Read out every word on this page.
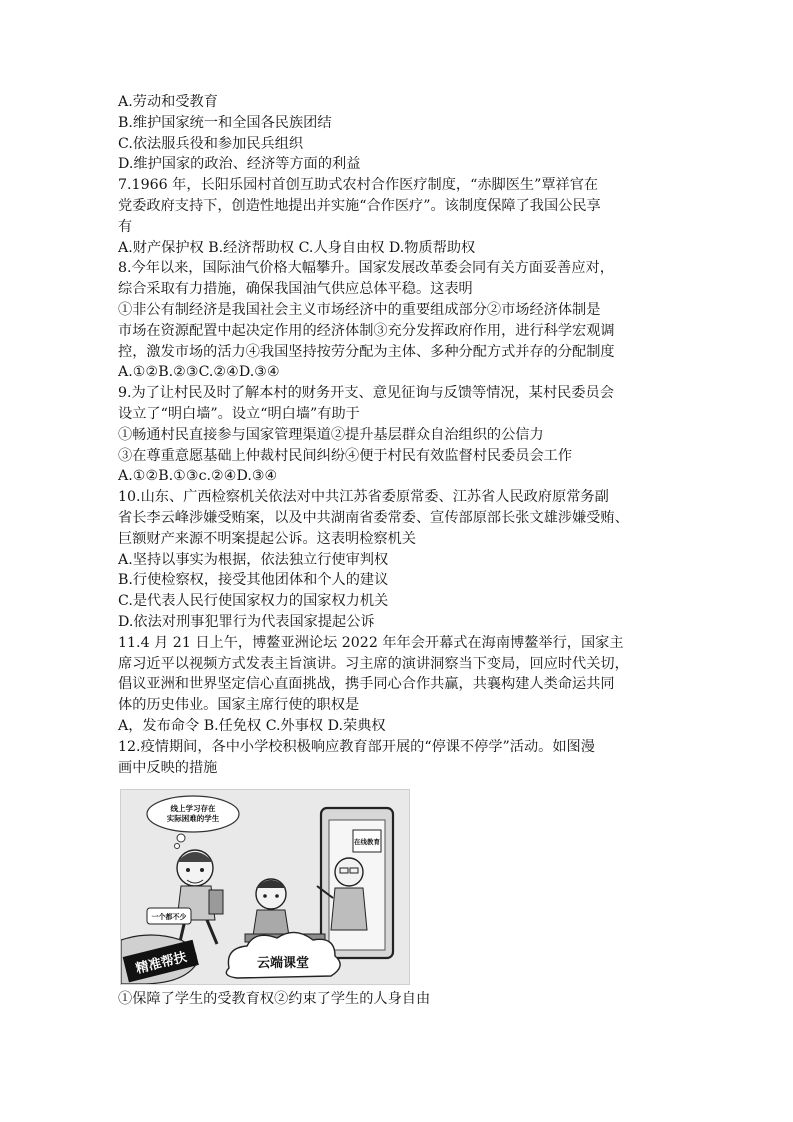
A.劳动和受教育
B.维护国家统一和全国各民族团结
C.依法服兵役和参加民兵组织
D.维护国家的政治、经济等方面的利益
7.1966 年，长阳乐园村首创互助式农村合作医疗制度，“赤脚医生”覃祥官在
党委政府支持下，创造性地提出并实施“合作医疗”。该制度保障了我国公民享
有
A.财产保护权 B.经济帮助权 C.人身自由权 D.物质帮助权
8.今年以来，国际油气价格大幅攀升。国家发展改革委会同有关方面妥善应对，
综合采取有力措施，确保我国油气供应总体平稳。这表明
①非公有制经济是我国社会主义市场经济中的重要组成部分②市场经济体制是
市场在资源配置中起决定作用的经济体制③充分发挥政府作用，进行科学宏观调
控，激发市场的活力④我国坚持按劳分配为主体、多种分配方式并存的分配制度
A.①②B.②③C.②④D.③④
9.为了让村民及时了解本村的财务开支、意见征询与反馈等情况，某村民委员会
设立了“明白墙”。设立“明白墙”有助于
①畅通村民直接参与国家管理渠道②提升基层群众自治组织的公信力
③在尊重意愿基础上仲裁村民间纠纷④便于村民有效监督村民委员会工作
A.①②B.①③c.②④D.③④
10.山东、广西检察机关依法对中共江苏省委原常委、江苏省人民政府原常务副
省长李云峰涉嫌受贿案，以及中共湖南省委常委、宣传部原部长张文雄涉嫌受贿、
巨额财产来源不明案提起公诉。这表明检察机关
A.坚持以事实为根据，依法独立行使审判权
B.行使检察权，接受其他团体和个人的建议
C.是代表人民行使国家权力的国家权力机关
D.依法对刑事犯罪行为代表国家提起公诉
11.4 月 21 日上午，博鳌亚洲论坛 2022 年年会开幕式在海南博鳌举行，国家主
席习近平以视频方式发表主旨演讲。习主席的演讲洞察当下变局，回应时代关切，
倡议亚洲和世界坚定信心直面挑战，携手同心合作共赢，共襄构建人类命运共同
体的历史伟业。国家主席行使的职权是
A，发布命令 B.任免权 C.外事权 D.荣典权
12.疫情期间，各中小学校积极响应教育部开展的“停课不停学”活动。如图漫
画中反映的措施
线上学习存在
实际困难的学生
在线教育
一个都不少
云端课堂
精准帮扶
①保障了学生的受教育权②约束了学生的人身自由
